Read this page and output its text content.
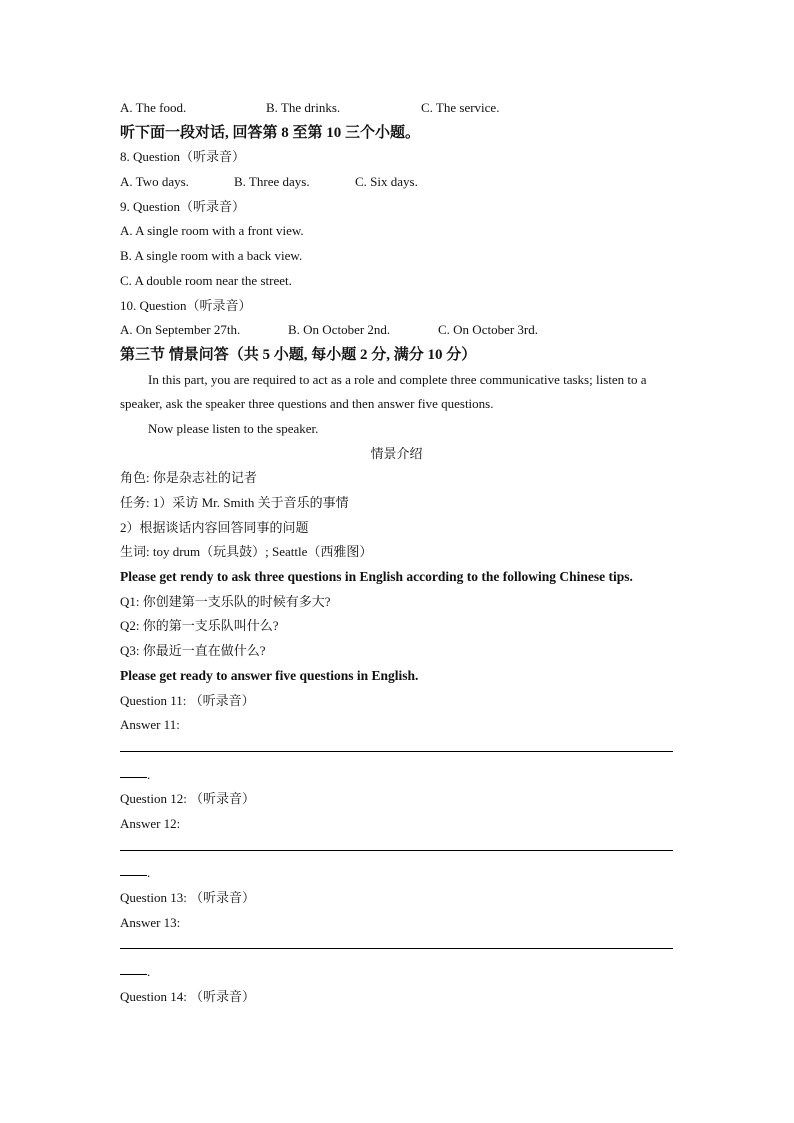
A. The food.	B. The drinks.	C. The service.
听下面一段对话, 回答第 8 至第 10 三个小题。
8. Question（听录音）
A. Two days.	B. Three days.	C. Six days.
9. Question（听录音）
A. A single room with a front view.
B. A single room with a back view.
C. A double room near the street.
10. Question（听录音）
A. On September 27th.	B. On October 2nd.	C. On October 3rd.
第三节 情景问答（共 5 小题, 每小题 2 分, 满分 10 分）
In this part, you are required to act as a role and complete three communicative tasks; listen to a speaker, ask the speaker three questions and then answer five questions.
Now please listen to the speaker.
情景介绍
角色: 你是杂志社的记者
任务: 1）采访 Mr. Smith 关于音乐的事情
2）根据谈话内容回答同事的问题
生词: toy drum（玩具鼓）; Seattle（西雅图）
Please get rendy to ask three questions in English according to the following Chinese tips.
Q1: 你创建第一支乐队的时候有多大?
Q2: 你的第一支乐队叫什么?
Q3: 你最近一直在做什么?
Please get ready to answer five questions in English.
Question 11: （听录音）
Answer 11:
.
Question 12: （听录音）
Answer 12:
.
Question 13: （听录音）
Answer 13:
.
Question 14: （听录音）
